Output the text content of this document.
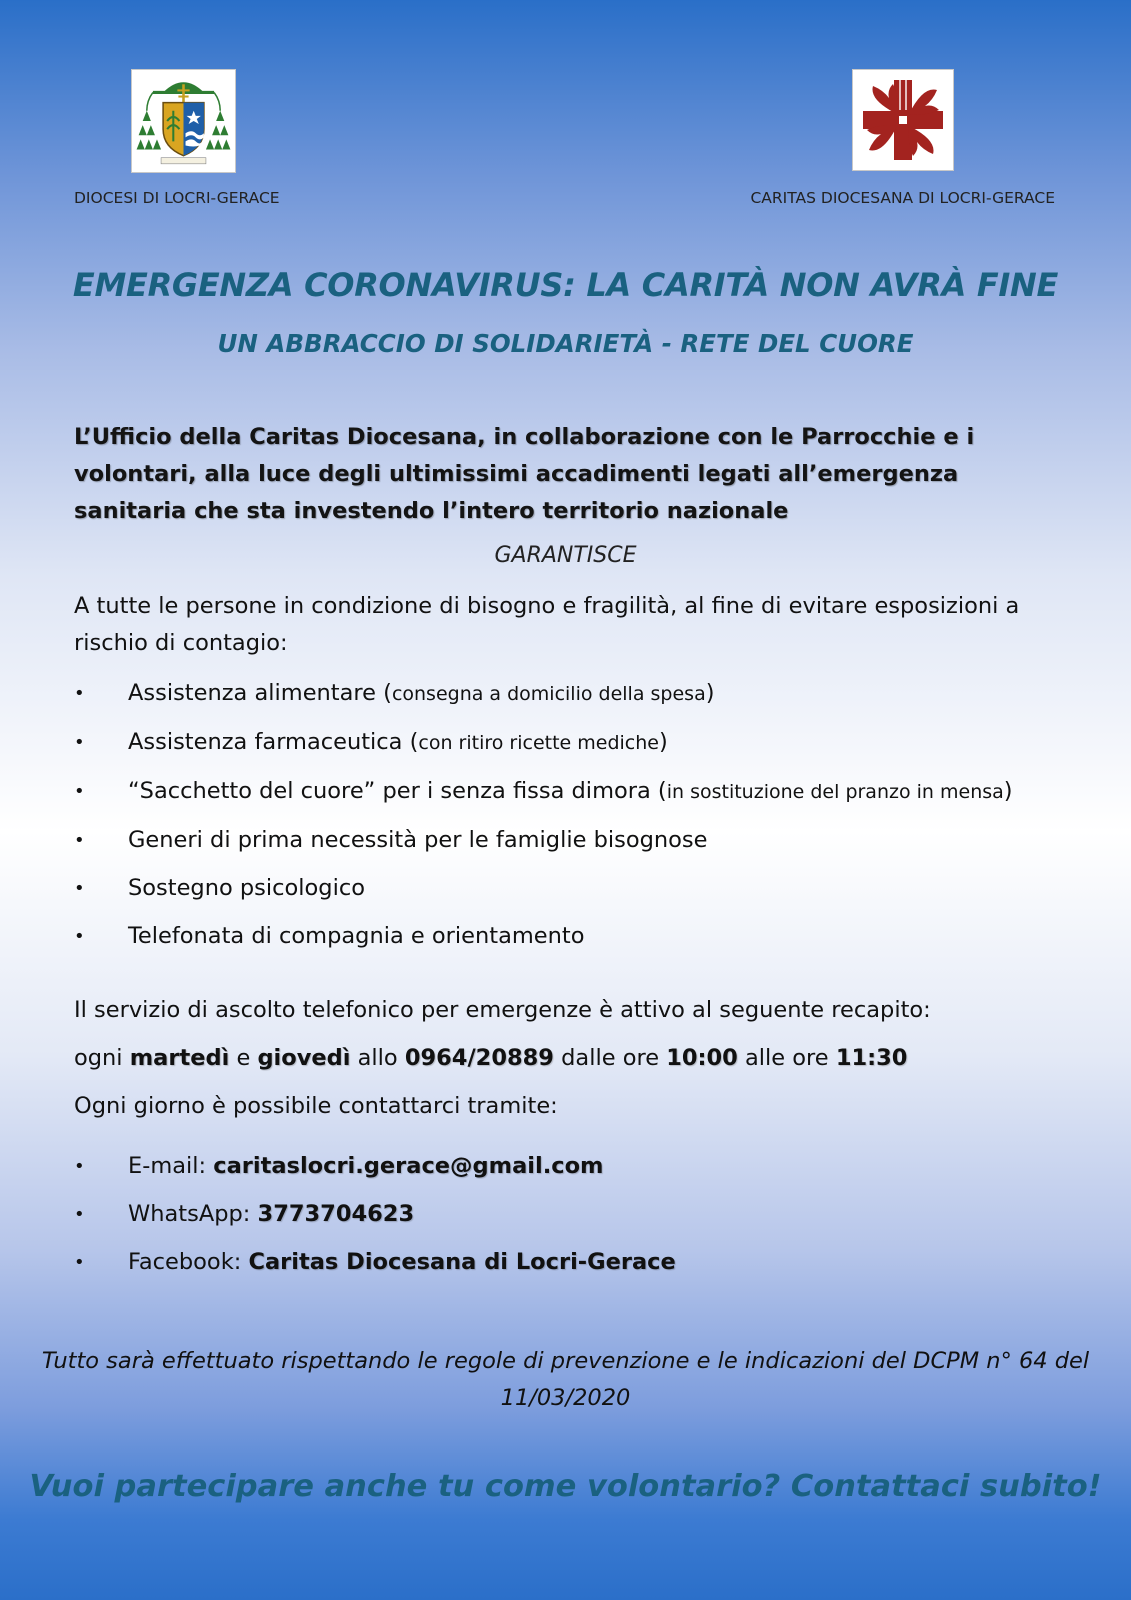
DIOCESI DI LOCRI-GERACE	CARITAS DIOCESANA DI LOCRI-GERACE
EMERGENZA CORONAVIRUS: LA CARITÀ NON AVRÀ FINE
UN ABBRACCIO DI SOLIDARIETÀ - RETE DEL CUORE
L’Ufficio della Caritas Diocesana, in collaborazione con le Parrocchie e i volontari, alla luce degli ultimissimi accadimenti legati all’emergenza sanitaria che sta investendo l’intero territorio nazionale
GARANTISCE
A tutte le persone in condizione di bisogno e fragilità, al fine di evitare esposizioni a rischio di contagio:
• Assistenza alimentare (consegna a domicilio della spesa)
• Assistenza farmaceutica (con ritiro ricette mediche)
• “Sacchetto del cuore” per i senza fissa dimora (in sostituzione del pranzo in mensa)
• Generi di prima necessità per le famiglie bisognose
• Sostegno psicologico
• Telefonata di compagnia e orientamento
Il servizio di ascolto telefonico per emergenze è attivo al seguente recapito:
ogni martedì e giovedì allo 0964/20889 dalle ore 10:00 alle ore 11:30
Ogni giorno è possibile contattarci tramite:
• E-mail: caritaslocri.gerace@gmail.com
• WhatsApp: 3773704623
• Facebook: Caritas Diocesana di Locri-Gerace
Tutto sarà effettuato rispettando le regole di prevenzione e le indicazioni del DCPM n° 64 del 11/03/2020
Vuoi partecipare anche tu come volontario? Contattaci subito!
